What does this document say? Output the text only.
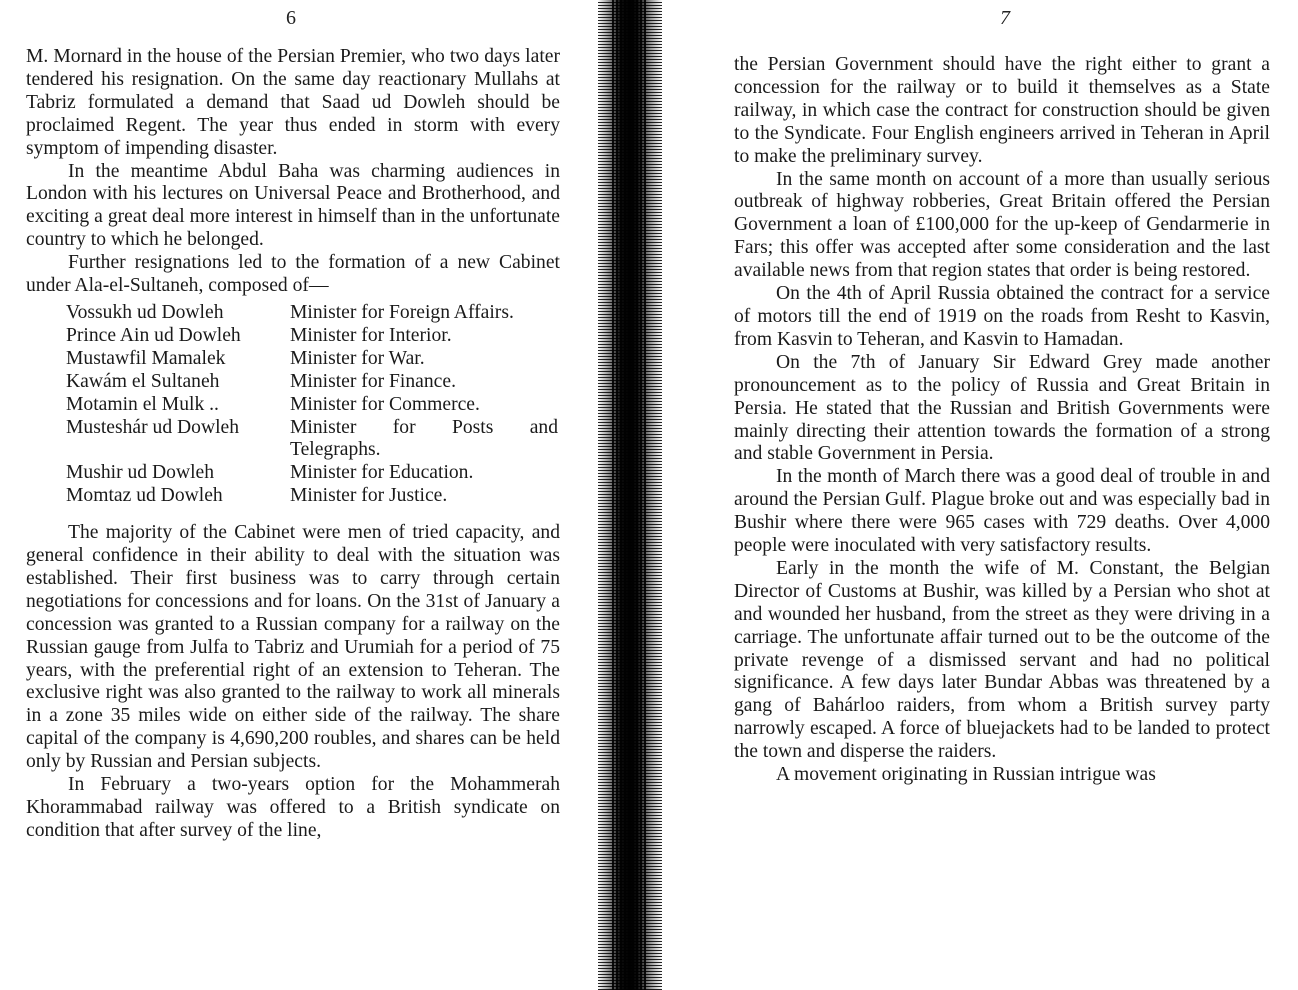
6

M. Mornard in the house of the Persian Premier, who two days later tendered his resignation. On the same day reactionary Mullahs at Tabriz formulated a demand that Saad ud Dowleh should be proclaimed Regent. The year thus ended in storm with every symptom of impending disaster.

In the meantime Abdul Baha was charming audiences in London with his lectures on Universal Peace and Brotherhood, and exciting a great deal more interest in himself than in the unfortunate country to which he belonged.

Further resignations led to the formation of a new Cabinet under Ala-el-Sultaneh, composed of—

Vossukh ud Dowleh	Minister for Foreign Affairs.
Prince Ain ud Dowleh	Minister for Interior.
Mustawfil Mamalek	Minister for War.
Kawám el Sultaneh	Minister for Finance.
Motamin el Mulk ..	Minister for Commerce.
Musteshár ud Dowleh	Minister for Posts and Telegraphs.
Mushir ud Dowleh	Minister for Education.
Momtaz ud Dowleh	Minister for Justice.

The majority of the Cabinet were men of tried capacity, and general confidence in their ability to deal with the situation was established. Their first business was to carry through certain negotiations for concessions and for loans. On the 31st of January a concession was granted to a Russian company for a railway on the Russian gauge from Julfa to Tabriz and Urumiah for a period of 75 years, with the preferential right of an extension to Teheran. The exclusive right was also granted to the railway to work all minerals in a zone 35 miles wide on either side of the railway. The share capital of the company is 4,690,200 roubles, and shares can be held only by Russian and Persian subjects.

In February a two-years option for the Mohammerah Khorammabad railway was offered to a British syndicate on condition that after survey of the line,

7

the Persian Government should have the right either to grant a concession for the railway or to build it themselves as a State railway, in which case the contract for construction should be given to the Syndicate. Four English engineers arrived in Teheran in April to make the preliminary survey.

In the same month on account of a more than usually serious outbreak of highway robberies, Great Britain offered the Persian Government a loan of £100,000 for the up-keep of Gendarmerie in Fars; this offer was accepted after some consideration and the last available news from that region states that order is being restored.

On the 4th of April Russia obtained the contract for a service of motors till the end of 1919 on the roads from Resht to Kasvin, from Kasvin to Teheran, and Kasvin to Hamadan.

On the 7th of January Sir Edward Grey made another pronouncement as to the policy of Russia and Great Britain in Persia. He stated that the Russian and British Governments were mainly directing their attention towards the formation of a strong and stable Government in Persia.

In the month of March there was a good deal of trouble in and around the Persian Gulf. Plague broke out and was especially bad in Bushir where there were 965 cases with 729 deaths. Over 4,000 people were inoculated with very satisfactory results.

Early in the month the wife of M. Constant, the Belgian Director of Customs at Bushir, was killed by a Persian who shot at and wounded her husband, from the street as they were driving in a carriage. The unfortunate affair turned out to be the outcome of the private revenge of a dismissed servant and had no political significance. A few days later Bundar Abbas was threatened by a gang of Bahárloo raiders, from whom a British survey party narrowly escaped. A force of bluejackets had to be landed to protect the town and disperse the raiders.

A movement originating in Russian intrigue was
